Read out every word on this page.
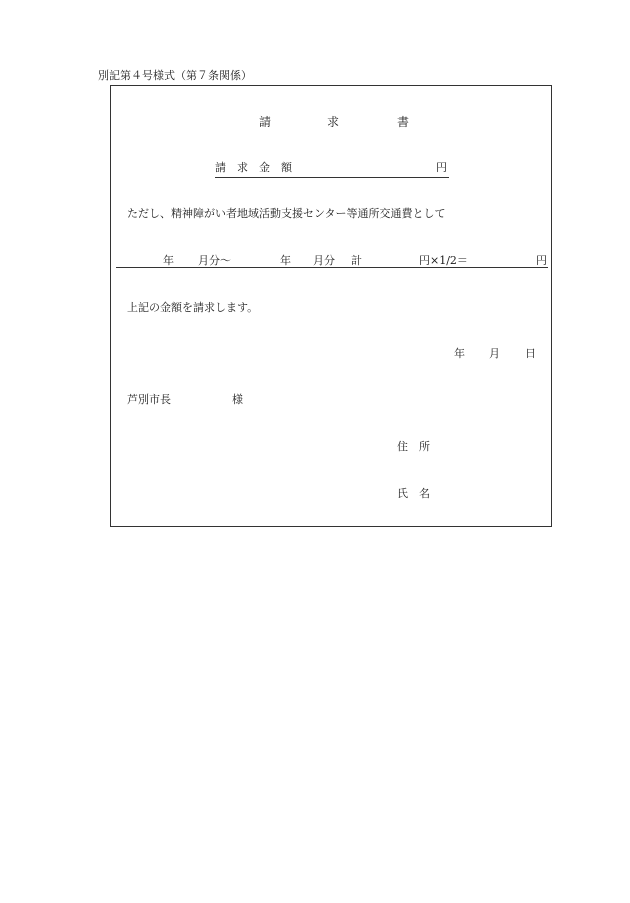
別記第４号様式（第７条関係）
請	求	書
請　求　金　額	円
ただし、精神障がい者地域活動支援センター等通所交通費として
年 月分〜	年 月分 計	円×1/2＝	円
上記の金額を請求します。
年 月 日
芦別市長	様
住　所
氏　名
